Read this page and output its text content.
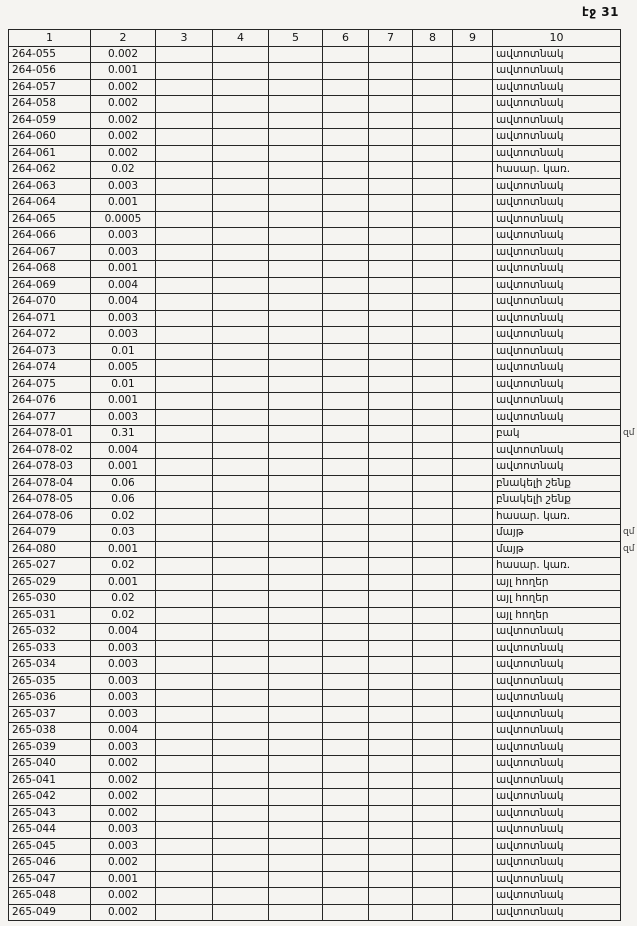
էջ 31
1	2	3	4	5	6	7	8	9	10	
264-055	0.002								ավտոտնակ	
264-056	0.001								ավտոտնակ	
264-057	0.002								ավտոտնակ	
264-058	0.002								ավտոտնակ	
264-059	0.002								ավտոտնակ	
264-060	0.002								ավտոտնակ	
264-061	0.002								ավտոտնակ	
264-062	0.02								հասար. կառ.	
264-063	0.003								ավտոտնակ	
264-064	0.001								ավտոտնակ	
264-065	0.0005								ավտոտնակ	
264-066	0.003								ավտոտնակ	
264-067	0.003								ավտոտնակ	
264-068	0.001								ավտոտնակ	
264-069	0.004								ավտոտնակ	
264-070	0.004								ավտոտնակ	
264-071	0.003								ավտոտնակ	
264-072	0.003								ավտոտնակ	
264-073	0.01								ավտոտնակ	
264-074	0.005								ավտոտնակ	
264-075	0.01								ավտոտնակ	
264-076	0.001								ավտոտնակ	
264-077	0.003								ավտոտնակ	
264-078-01	0.31								բակ	զմ
264-078-02	0.004								ավտոտնակ	
264-078-03	0.001								ավտոտնակ	
264-078-04	0.06								բնակելի շենք	
264-078-05	0.06								բնակելի շենք	
264-078-06	0.02								հասար. կառ.	
264-079	0.03								մայթ	զմ
264-080	0.001								մայթ	զմ
265-027	0.02								հասար. կառ.	
265-029	0.001								այլ հողեր	
265-030	0.02								այլ հողեր	
265-031	0.02								այլ հողեր	
265-032	0.004								ավտոտնակ	
265-033	0.003								ավտոտնակ	
265-034	0.003								ավտոտնակ	
265-035	0.003								ավտոտնակ	
265-036	0.003								ավտոտնակ	
265-037	0.003								ավտոտնակ	
265-038	0.004								ավտոտնակ	
265-039	0.003								ավտոտնակ	
265-040	0.002								ավտոտնակ	
265-041	0.002								ավտոտնակ	
265-042	0.002								ավտոտնակ	
265-043	0.002								ավտոտնակ	
265-044	0.003								ավտոտնակ	
265-045	0.003								ավտոտնակ	
265-046	0.002								ավտոտնակ	
265-047	0.001								ավտոտնակ	
265-048	0.002								ավտոտնակ	
265-049	0.002								ավտոտնակ	
